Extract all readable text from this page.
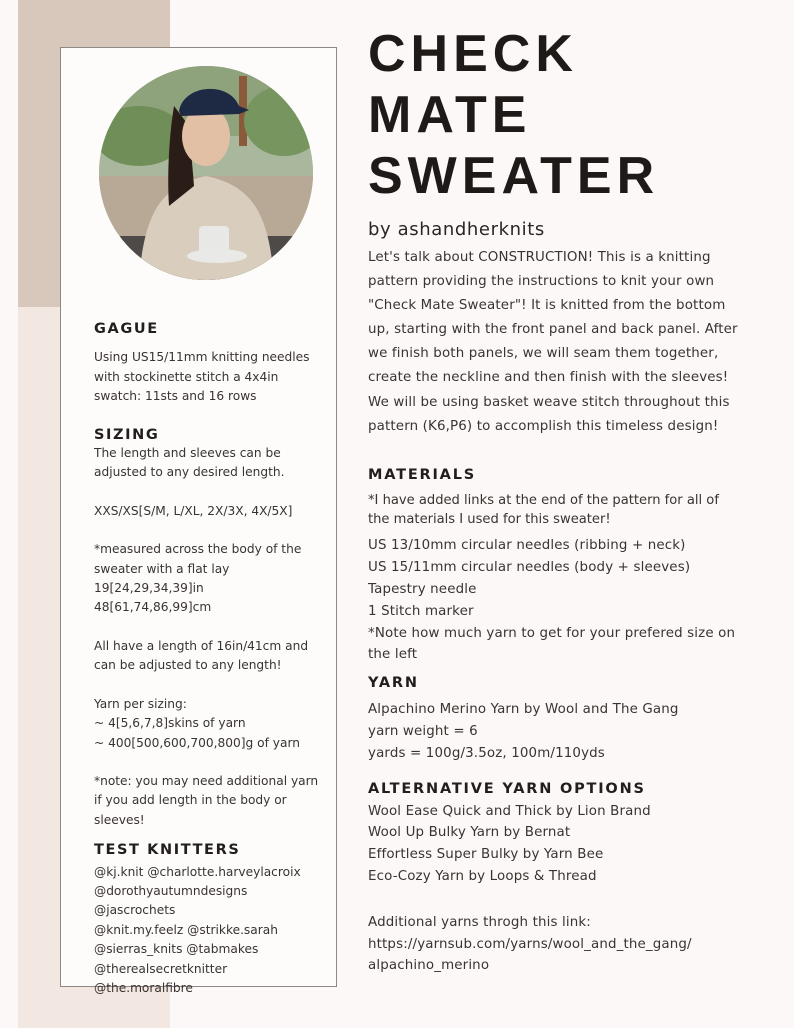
GAGUE

Using US15/11mm knitting needles with stockinette stitch a 4x4in swatch: 11sts and 16 rows

SIZING

The length and sleeves can be adjusted to any desired length.

XXS/XS[S/M, L/XL, 2X/3X, 4X/5X]

*measured across the body of the sweater with a flat lay

19[24,29,34,39]in

48[61,74,86,99]cm

All have a length of 16in/41cm and can be adjusted to any length!

Yarn per sizing:

~ 4[5,6,7,8]skins of yarn

~ 400[500,600,700,800]g of yarn

*note: you may need additional yarn if you add length in the body or sleeves!

TEST KNITTERS

@kj.knit @charlotte.harveylacroix

@dorothyautumndesigns @jascrochets

@knit.my.feelz @strikke.sarah

@sierras_knits @tabmakes

@therealsecretknitter

@the.moralfibre

CHECK
MATE
SWEATER
by ashandherknits
Let's talk about CONSTRUCTION! This is a knitting pattern providing the instructions to knit your own "Check Mate Sweater"! It is knitted from the bottom up, starting with the front panel and back panel. After we finish both panels, we will seam them together, create the neckline and then finish with the sleeves! We will be using basket weave stitch throughout this pattern (K6,P6) to accomplish this timeless design!
MATERIALS
*I have added links at the end of the pattern for all of the materials I used for this sweater!
US 13/10mm circular needles (ribbing + neck)
US 15/11mm circular needles (body + sleeves)
Tapestry needle
1 Stitch marker
*Note how much yarn to get for your prefered size on the left
YARN
Alpachino Merino Yarn by Wool and The Gang
yarn weight = 6
yards = 100g/3.5oz, 100m/110yds
ALTERNATIVE YARN OPTIONS
Wool Ease Quick and Thick by Lion Brand
Wool Up Bulky Yarn by Bernat
Effortless Super Bulky by Yarn Bee
Eco-Cozy Yarn by Loops & Thread
Additional yarns throgh this link:
https://yarnsub.com/yarns/wool_and_the_gang/ alpachino_merino
